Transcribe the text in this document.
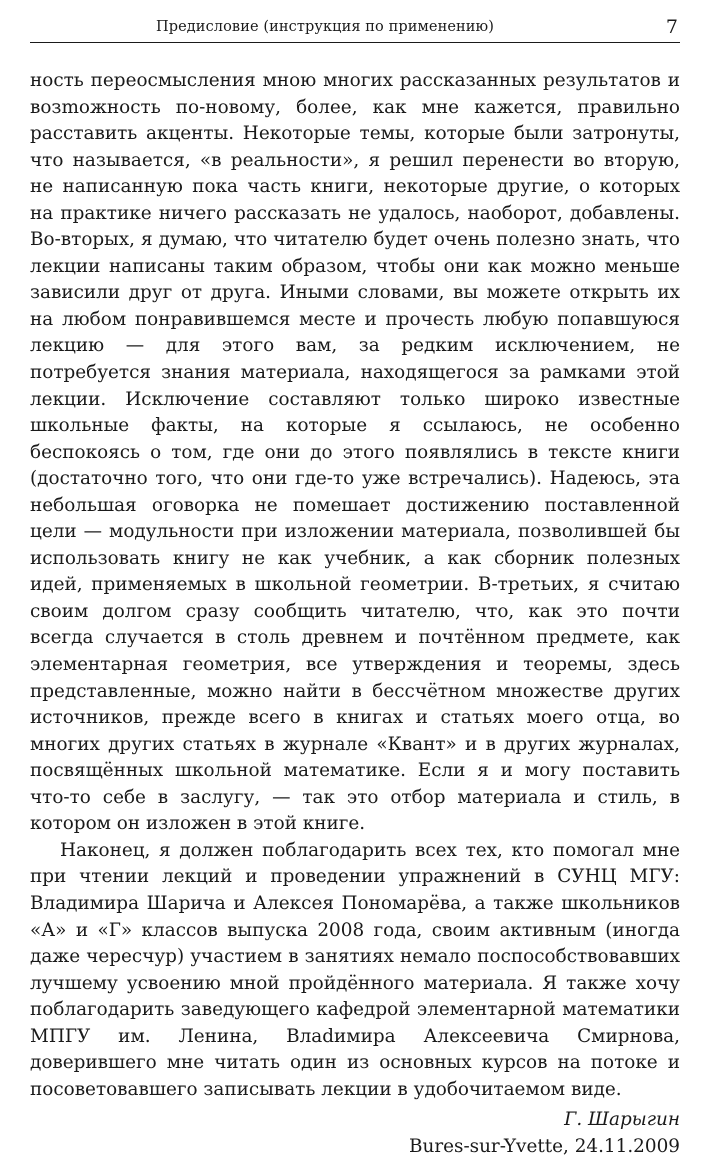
Предисловие (инструкция по применению)	7

ность переосмысления мною многих рассказанных результатов и возmожность по-новому, более, как мне кажется, правильно расставить акценты. Некоторые темы, которые были затронуты, что называется, «в реальности», я решил перенести во вторую, не написанную пока часть книги, некоторые другие, о которых на практике ничего рассказать не удалось, наоборот, добавлены. Во-вторых, я думаю, что читателю будет очень полезно знать, что лекции написаны таким образом, чтобы они как можно меньше зависили друг от друга. Иными словами, вы можете открыть их на любом понравившемся месте и прочесть любую попавшуюся лекцию — для этого вам, за редким исключением, не потребуется знания материала, находящегося за рамками этой лекции. Исключение составляют только широко известные школьные факты, на которые я ссылаюсь, не особенно беспокоясь о том, где они до этого появлялись в тексте книги (достаточно того, что они где-то уже встречались). Надеюсь, эта небольшая оговорка не помешает достижению поставленной цели — модульности при изложении материала, позволившей бы использовать книгу не как учебник, а как сборник полезных идей, применяемых в школьной геометрии. В-третьих, я считаю своим долгом сразу сообщить читателю, что, как это почти всегда случается в столь древнем и почтённом предмете, как элементарная геометрия, все утверждения и теоремы, здесь представленные, можно найти в бессчётном множестве других источников, прежде всего в книгах и статьях моего отца, во многих других статьях в журнале «Квант» и в других журналах, посвящённых школьной математике. Если я и могу поставить что-то себе в заслугу, — так это отбор материала и стиль, в котором он изложен в этой книге.

Наконец, я должен поблагодарить всех тех, кто помогал мне при чтении лекций и проведении упражнений в СУНЦ МГУ: Владимира Шарича и Алексея Пономарёва, а также школьников «А» и «Г» классов выпуска 2008 года, своим активным (иногда даже чересчур) участием в занятиях немало поспособствовавших лучшему усвоению мной пройдённого материала. Я также хочу поблагодарить заведующего кафедрой элементарной математики МПГУ им. Ленина, Влаdимира Алексеевича Смирнова, доверившего мне читать один из основных курсов на потоке и посоветовавшего записывать лекции в удобочитаемом виде.

Г. Шарыгин
Bures-sur-Yvette, 24.11.2009
